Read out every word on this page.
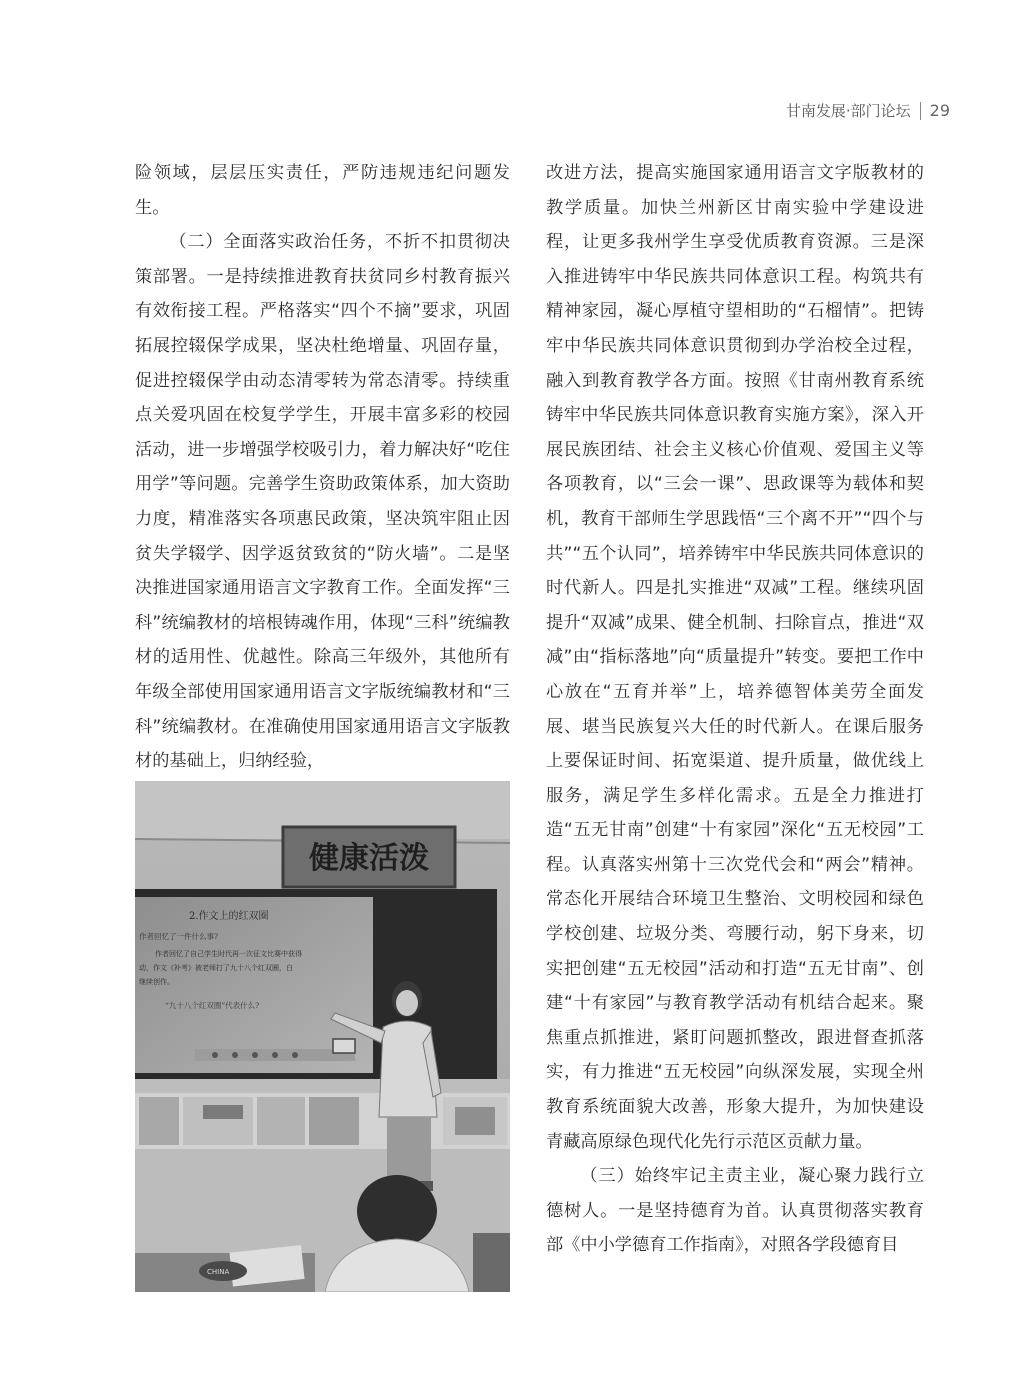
甘南发展·部门论坛 29

险领域，层层压实责任，严防违规违纪问题发生。

（二）全面落实政治任务，不折不扣贯彻决策部署。一是持续推进教育扶贫同乡村教育振兴有效衔接工程。严格落实“四个不摘”要求，巩固拓展控辍保学成果，坚决杜绝增量、巩固存量，促进控辍保学由动态清零转为常态清零。持续重点关爱巩固在校复学学生，开展丰富多彩的校园活动，进一步增强学校吸引力，着力解决好“吃住用学”等问题。完善学生资助政策体系，加大资助力度，精准落实各项惠民政策，坚决筑牢阻止因贫失学辍学、因学返贫致贫的“防火墙”。二是坚决推进国家通用语言文字教育工作。全面发挥“三科”统编教材的培根铸魂作用，体现“三科”统编教材的适用性、优越性。除高三年级外，其他所有年级全部使用国家通用语言文字版统编教材和“三科”统编教材。在准确使用国家通用语言文字版教材的基础上，归纳经验，

健康活泼
2.作文上的红双圈
作者回忆了一件什么事?
作者回忆了自己学生时代再一次征文比赛中获得
动，作文《补考》被老师打了九十八个红双圈，白
继续创作。
“九十八个红双圈”代表什么?
CHINA

改进方法，提高实施国家通用语言文字版教材的教学质量。加快兰州新区甘南实验中学建设进程，让更多我州学生享受优质教育资源。三是深入推进铸牢中华民族共同体意识工程。构筑共有精神家园，凝心厚植守望相助的“石榴情”。把铸牢中华民族共同体意识贯彻到办学治校全过程，融入到教育教学各方面。按照《甘南州教育系统铸牢中华民族共同体意识教育实施方案》，深入开展民族团结、社会主义核心价值观、爱国主义等各项教育，以“三会一课”、思政课等为载体和契机，教育干部师生学思践悟“三个离不开”“四个与共”“五个认同”，培养铸牢中华民族共同体意识的时代新人。四是扎实推进“双减”工程。继续巩固提升“双减”成果、健全机制、扫除盲点，推进“双减”由“指标落地”向“质量提升”转变。要把工作中心放在“五育并举”上，培养德智体美劳全面发展、堪当民族复兴大任的时代新人。在课后服务上要保证时间、拓宽渠道、提升质量，做优线上服务，满足学生多样化需求。五是全力推进打造“五无甘南”创建“十有家园”深化“五无校园”工程。认真落实州第十三次党代会和“两会”精神。常态化开展结合环境卫生整治、文明校园和绿色学校创建、垃圾分类、弯腰行动，躬下身来，切实把创建“五无校园”活动和打造“五无甘南”、创建“十有家园”与教育教学活动有机结合起来。聚焦重点抓推进，紧盯问题抓整改，跟进督查抓落实，有力推进“五无校园”向纵深发展，实现全州教育系统面貌大改善，形象大提升，为加快建设青藏高原绿色现代化先行示范区贡献力量。

（三）始终牢记主责主业，凝心聚力践行立德树人。一是坚持德育为首。认真贯彻落实教育部《中小学德育工作指南》，对照各学段德育目
